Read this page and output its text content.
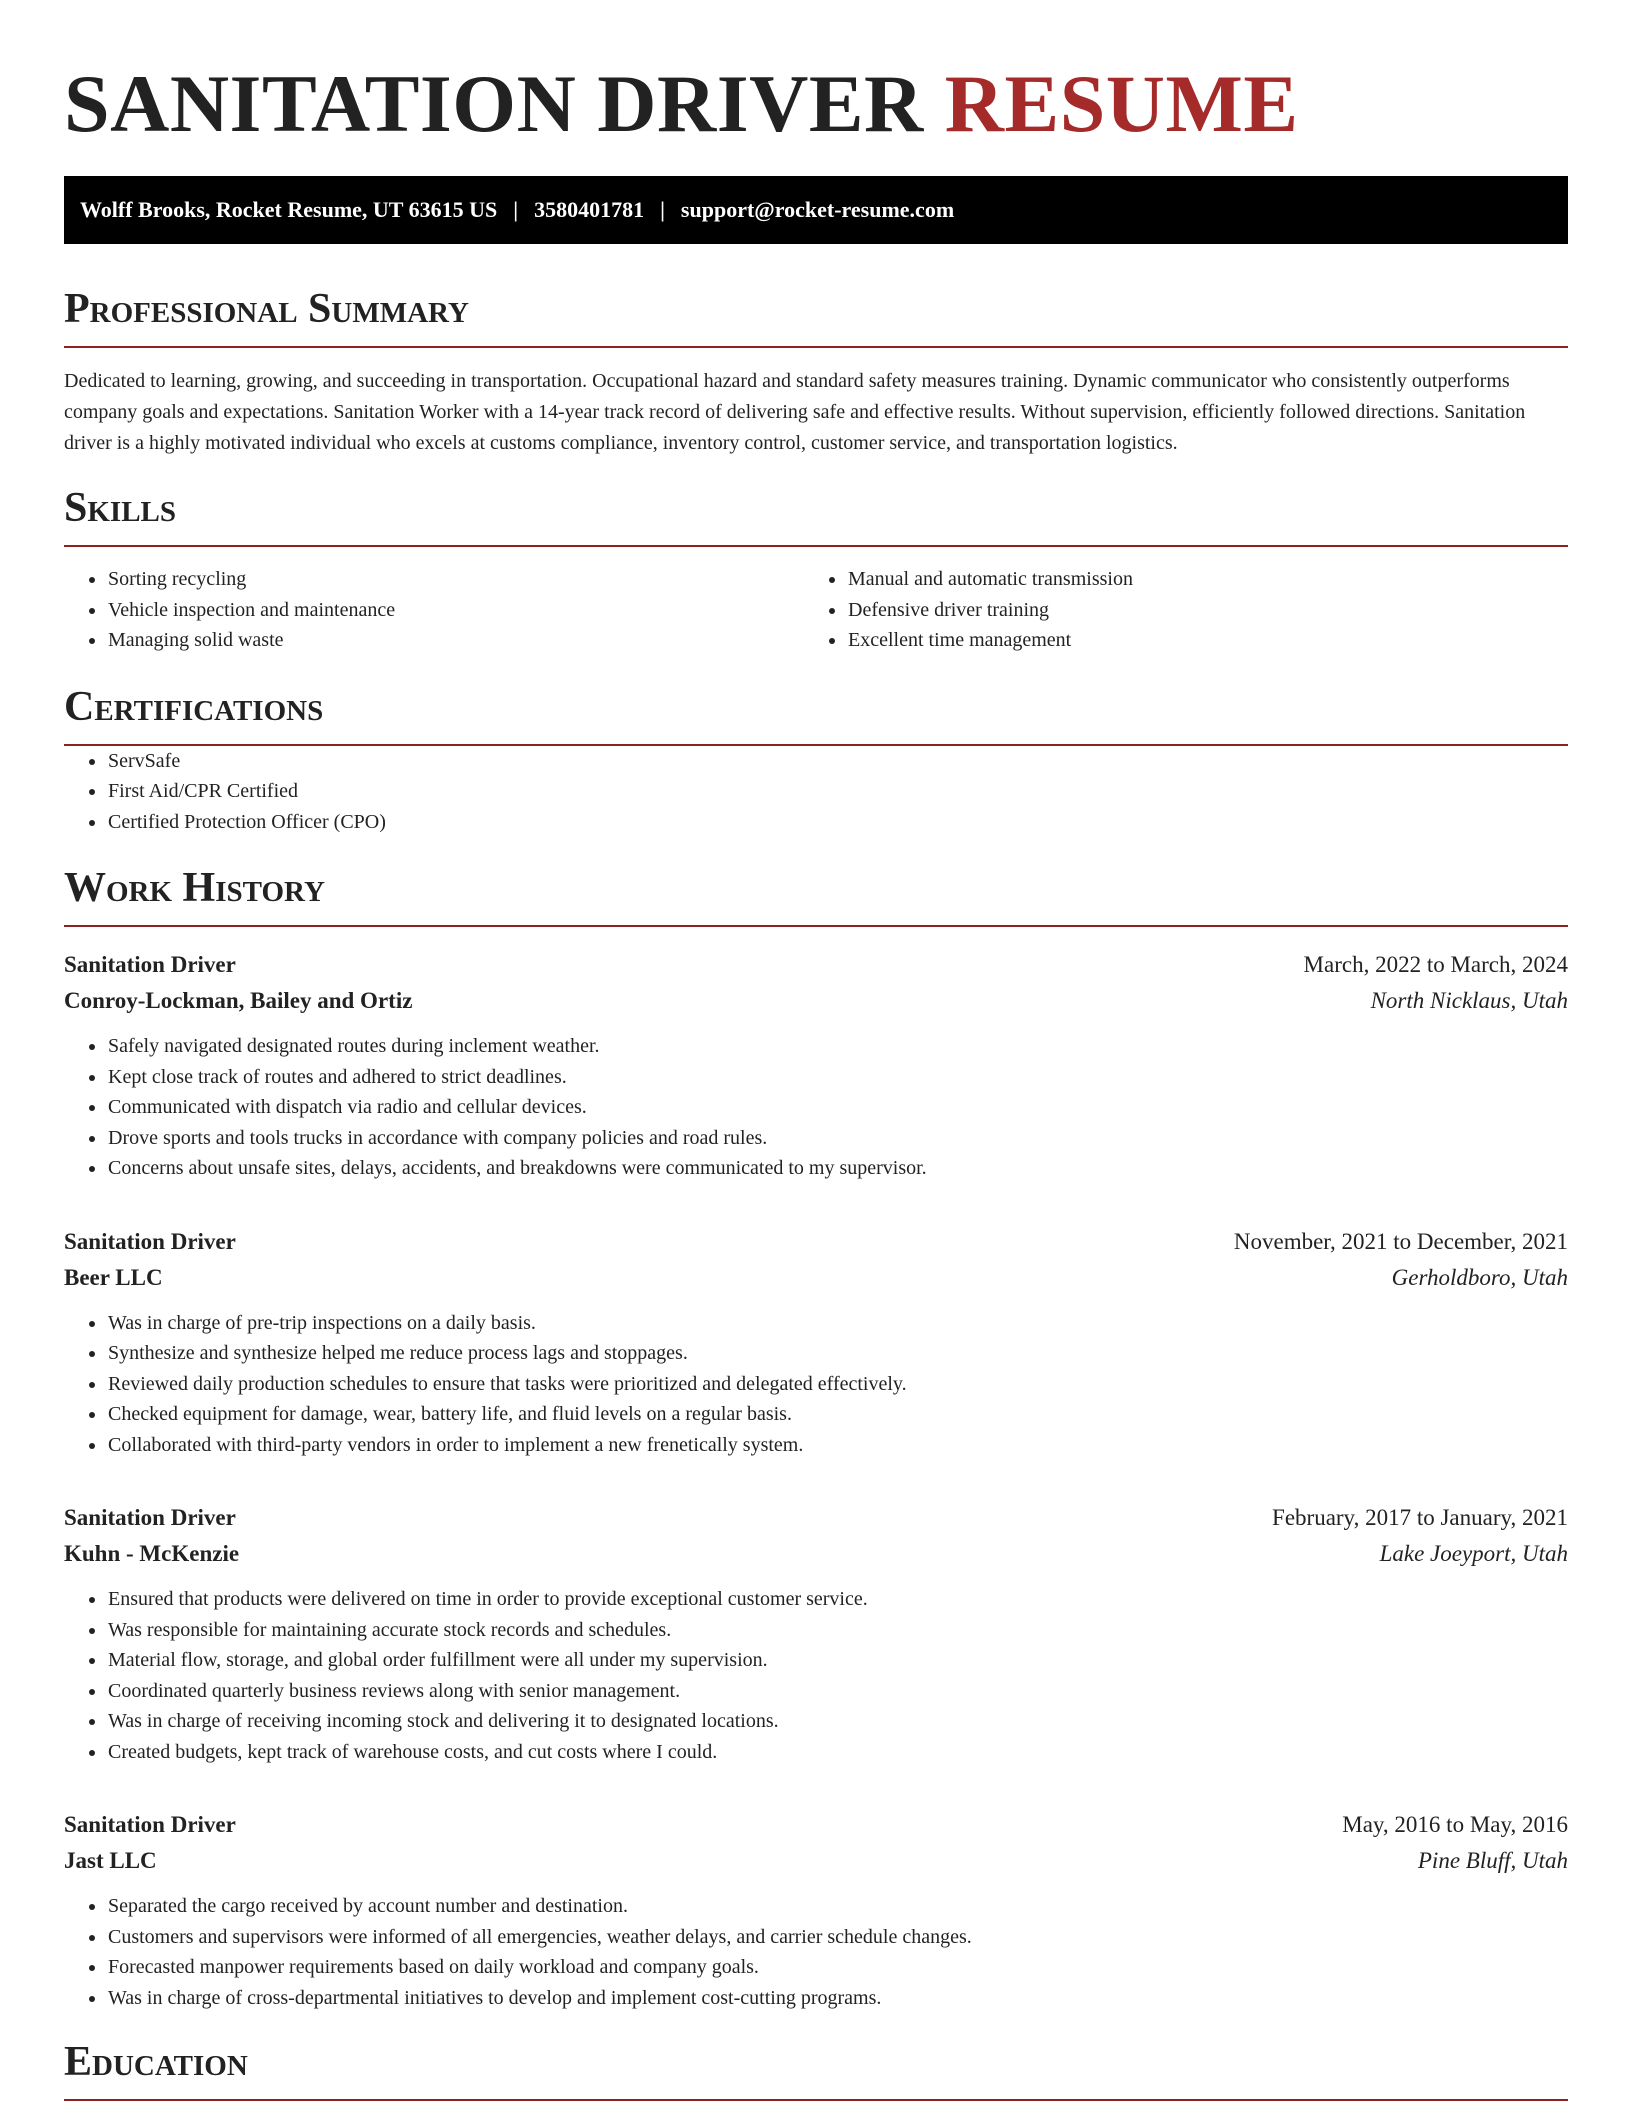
SANITATION DRIVER RESUME
Wolff Brooks, Rocket Resume, UT 63615 US | 3580401781 | support@rocket-resume.com
Professional Summary

Dedicated to learning, growing, and succeeding in transportation. Occupational hazard and standard safety measures training. Dynamic communicator who consistently outperforms company goals and expectations. Sanitation Worker with a 14-year track record of delivering safe and effective results. Without supervision, efficiently followed directions. Sanitation driver is a highly motivated individual who excels at customs compliance, inventory control, customer service, and transportation logistics.

Skills
• Sorting recycling
• Vehicle inspection and maintenance
• Managing solid waste
• Manual and automatic transmission
• Defensive driver training
• Excellent time management
Certifications
• ServSafe
• First Aid/CPR Certified
• Certified Protection Officer (CPO)
Work History
Sanitation Driver	March, 2022 to March, 2024
Conroy-Lockman, Bailey and Ortiz	North Nicklaus, Utah
• Safely navigated designated routes during inclement weather.
• Kept close track of routes and adhered to strict deadlines.
• Communicated with dispatch via radio and cellular devices.
• Drove sports and tools trucks in accordance with company policies and road rules.
• Concerns about unsafe sites, delays, accidents, and breakdowns were communicated to my supervisor.
Sanitation Driver	November, 2021 to December, 2021
Beer LLC	Gerholdboro, Utah
• Was in charge of pre-trip inspections on a daily basis.
• Synthesize and synthesize helped me reduce process lags and stoppages.
• Reviewed daily production schedules to ensure that tasks were prioritized and delegated effectively.
• Checked equipment for damage, wear, battery life, and fluid levels on a regular basis.
• Collaborated with third-party vendors in order to implement a new frenetically system.
Sanitation Driver	February, 2017 to January, 2021
Kuhn - McKenzie	Lake Joeyport, Utah
• Ensured that products were delivered on time in order to provide exceptional customer service.
• Was responsible for maintaining accurate stock records and schedules.
• Material flow, storage, and global order fulfillment were all under my supervision.
• Coordinated quarterly business reviews along with senior management.
• Was in charge of receiving incoming stock and delivering it to designated locations.
• Created budgets, kept track of warehouse costs, and cut costs where I could.
Sanitation Driver	May, 2016 to May, 2016
Jast LLC	Pine Bluff, Utah
• Separated the cargo received by account number and destination.
• Customers and supervisors were informed of all emergencies, weather delays, and carrier schedule changes.
• Forecasted manpower requirements based on daily workload and company goals.
• Was in charge of cross-departmental initiatives to develop and implement cost-cutting programs.
Education
